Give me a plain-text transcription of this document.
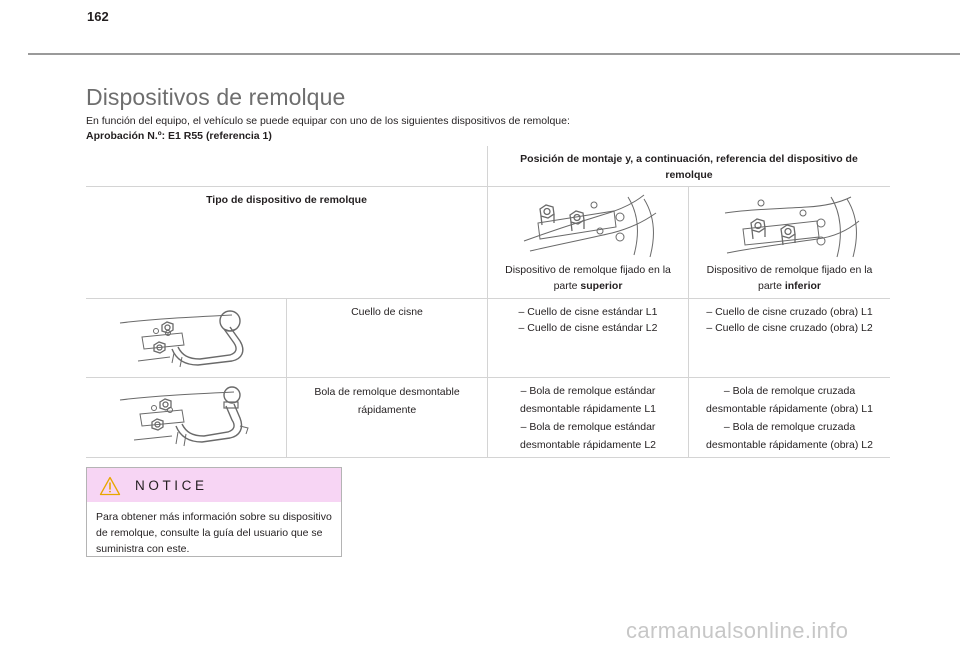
162
Dispositivos de remolque

En función del equipo, el vehículo se puede equipar con uno de los siguientes dispositivos de remolque:

Aprobación N.º: E1 R55 (referencia 1)

Posición de montaje y, a continuación, referencia del dispositivo de remolque
Tipo de dispositivo de remolque
Dispositivo de remolque fijado en la parte superior
Dispositivo de remolque fijado en la parte inferior
Cuello de cisne	– Cuello de cisne estándar L1
– Cuello de cisne estándar L2
– Cuello de cisne cruzado (obra) L1
– Cuello de cisne cruzado (obra) L2
Bola de remolque desmontable rápidamente
– Bola de remolque estándar desmontable rápidamente L1
– Bola de remolque estándar desmontable rápidamente L2
– Bola de remolque cruzada desmontable rápidamente (obra) L1
– Bola de remolque cruzada desmontable rápidamente (obra) L2
NOTICE
Para obtener más información sobre su dispositivo de remolque, consulte la guía del usuario que se suministra con este.
carmanualsonline.info
